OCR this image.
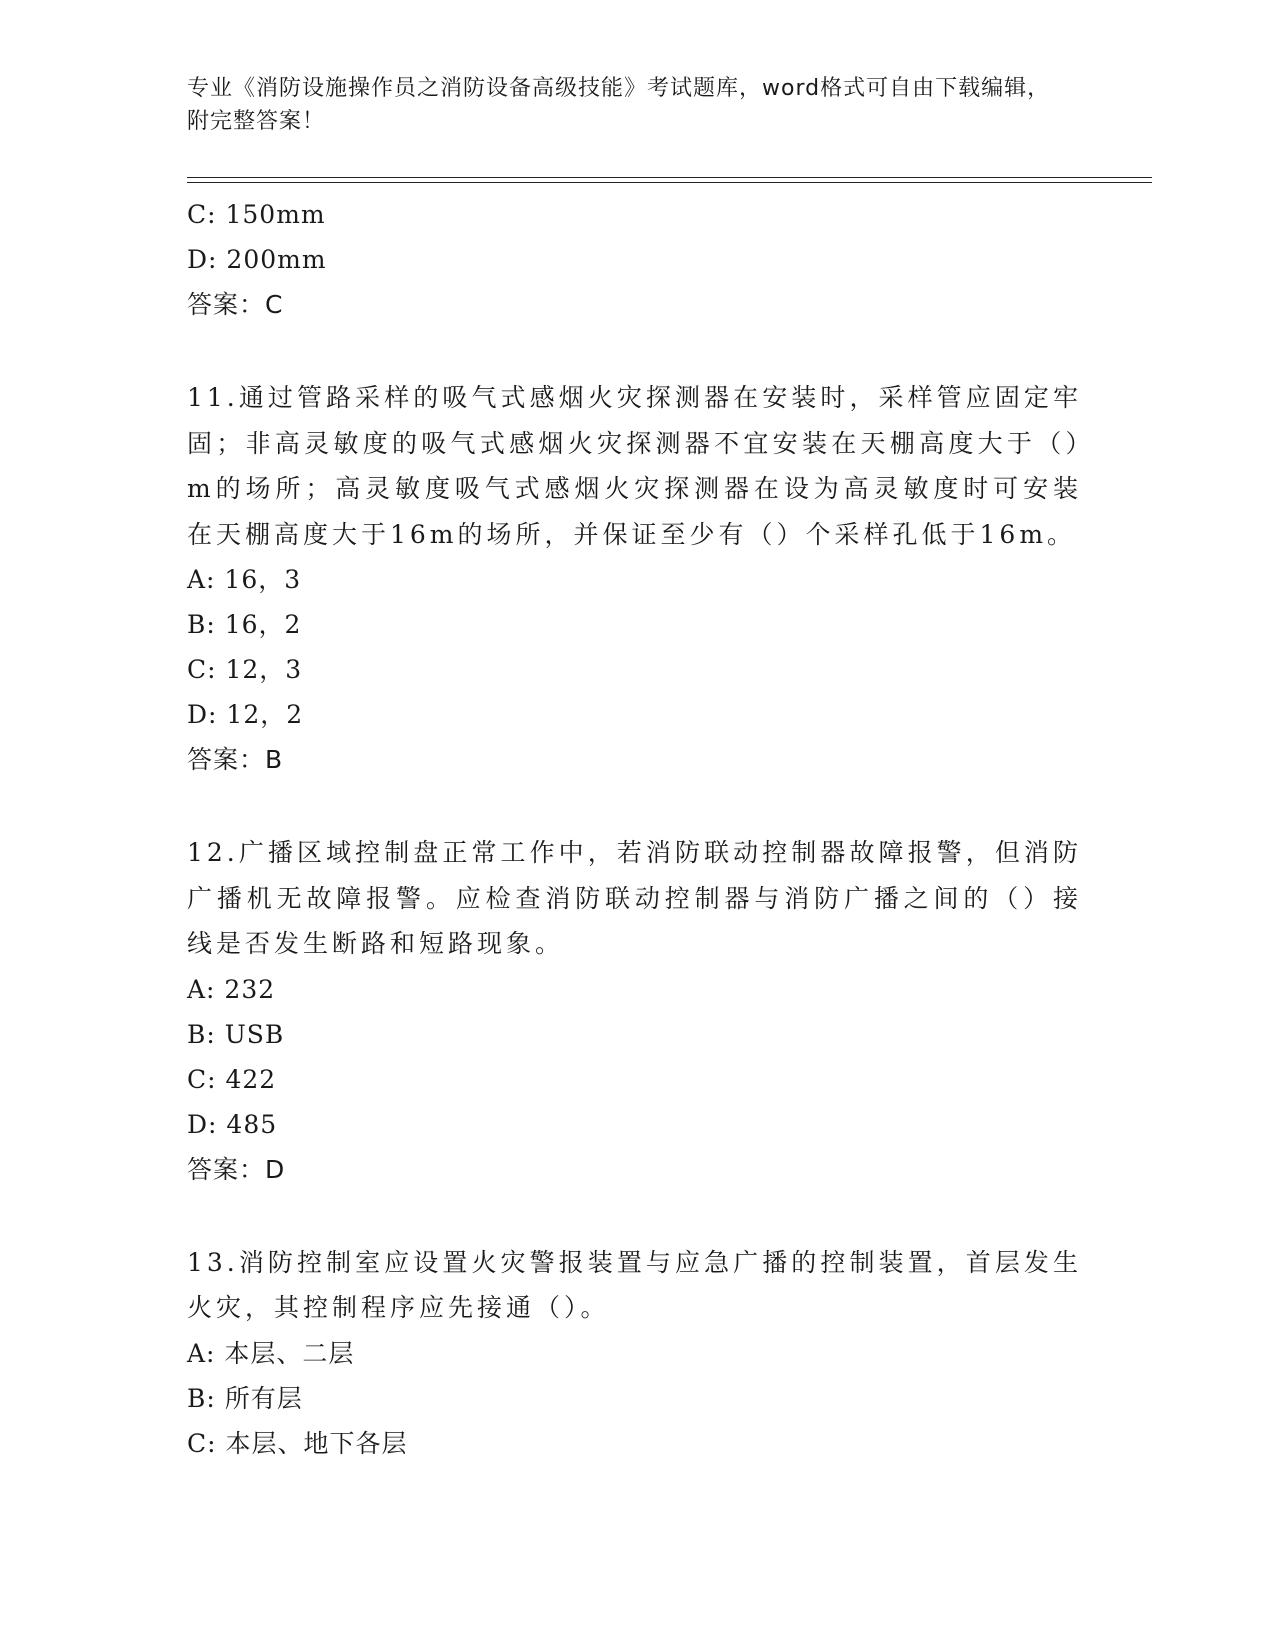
专业《消防设施操作员之消防设备高级技能》考试题库，word格式可自由下载编辑，附完整答案！
C: 150mm
D: 200mm
答案：C
11.通过管路采样的吸气式感烟火灾探测器在安装时，采样管应固定牢固；非高灵敏度的吸气式感烟火灾探测器不宜安装在天棚高度大于（）m的场所；高灵敏度吸气式感烟火灾探测器在设为高灵敏度时可安装在天棚高度大于16m的场所，并保证至少有（）个采样孔低于16m。
A: 16，3
B: 16，2
C: 12，3
D: 12，2
答案：B
12.广播区域控制盘正常工作中，若消防联动控制器故障报警，但消防广播机无故障报警。应检查消防联动控制器与消防广播之间的（）接线是否发生断路和短路现象。
A: 232
B: USB
C: 422
D: 485
答案：D
13.消防控制室应设置火灾警报装置与应急广播的控制装置，首层发生火灾，其控制程序应先接通（）。
A: 本层、二层
B: 所有层
C: 本层、地下各层
